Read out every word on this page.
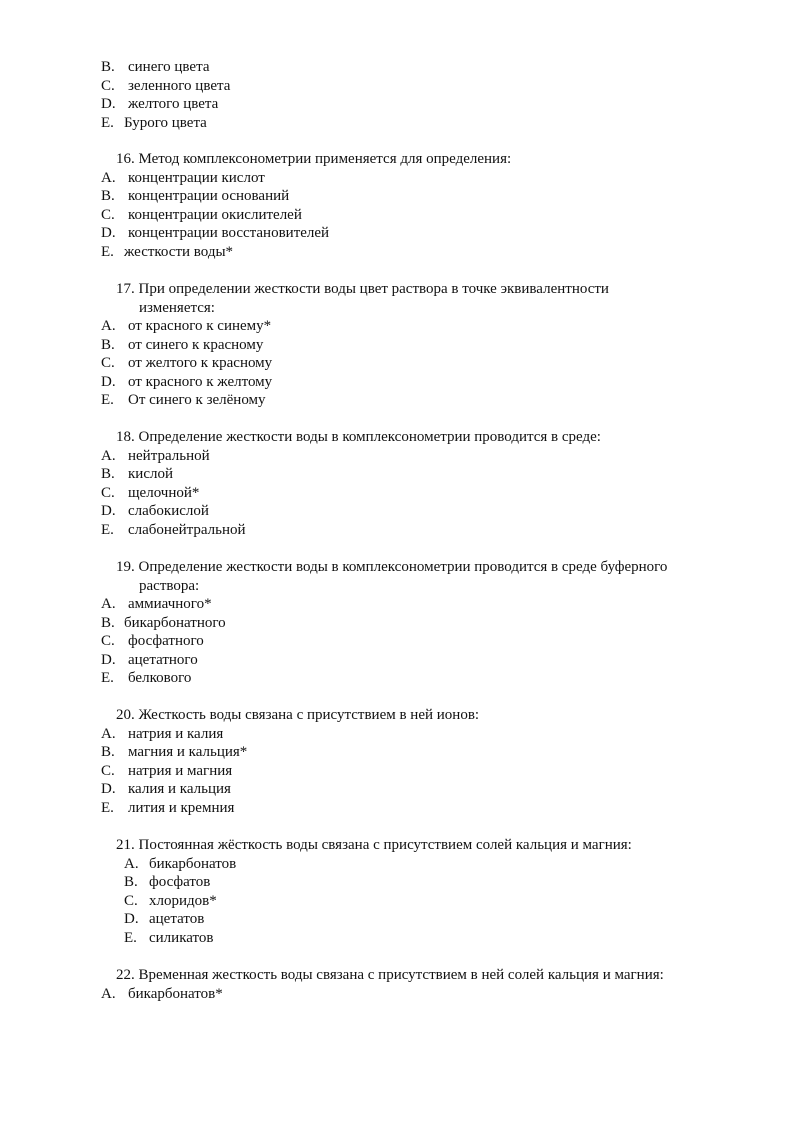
B. синего цвета
C. зеленного цвета
D. желтого цвета
E. Бурого цвета
16. Метод комплексонометрии применяется для определения:
A. концентрации кислот
B. концентрации оснований
C. концентрации окислителей
D. концентрации восстановителей
E. жесткости воды*
17. При определении жесткости воды цвет раствора в точке эквивалентности
изменяется:
A. от красного к синему*
B. от синего к красному
C. от желтого к красному
D. от красного к желтому
E. От синего к зелёному
18. Определение жесткости воды в комплексонометрии проводится в среде:
A. нейтральной
B. кислой
C. щелочной*
D. слабокислой
E. слабонейтральной
19. Определение жесткости воды в комплексонометрии проводится в среде буферного
раствора:
A. аммиачного*
B. бикарбонатного
C. фосфатного
D. ацетатного
E. белкового
20. Жесткость воды связана с присутствием в ней ионов:
A. натрия и калия
B. магния и кальция*
C. натрия и магния
D. калия и кальция
E. лития и кремния
21. Постоянная жёсткость воды связана с присутствием солей кальция и магния:
A. бикарбонатов
B. фосфатов
C. хлоридов*
D. ацетатов
E. силикатов
22. Временная жесткость воды связана с присутствием в ней солей кальция и магния:
A. бикарбонатов*
